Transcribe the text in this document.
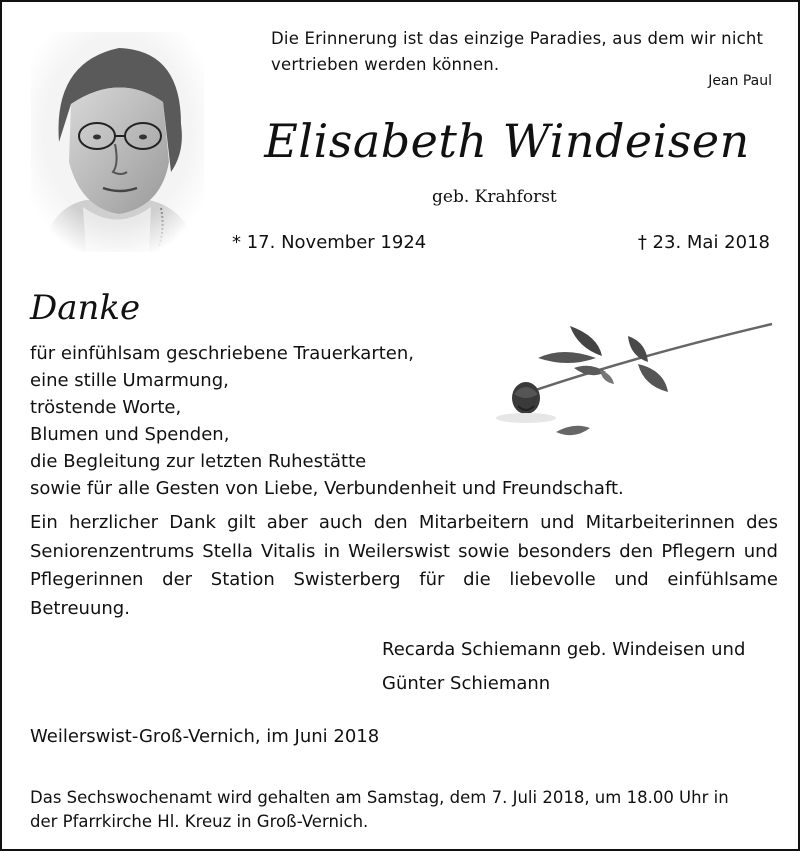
Die Erinnerung ist das einzige Paradies, aus dem wir nicht
vertrieben werden können.
Jean Paul
Elisabeth Windeisen
geb. Krahforst
* 17. November 1924	† 23. Mai 2018
Danke
für einfühlsam geschriebene Trauerkarten,
eine stille Umarmung,
tröstende Worte,
Blumen und Spenden,
die Begleitung zur letzten Ruhestätte
sowie für alle Gesten von Liebe, Verbundenheit und Freundschaft.
Ein herzlicher Dank gilt aber auch den Mitarbeitern und Mitarbeiterinnen des Seniorenzentrums Stella Vitalis in Weilerswist sowie besonders den Pflegern und Pflegerinnen der Station Swisterberg für die liebevolle und einfühlsame Betreuung.
Recarda Schiemann geb. Windeisen und
Günter Schiemann
Weilerswist-Groß-Vernich, im Juni 2018
Das Sechswochenamt wird gehalten am Samstag, dem 7. Juli 2018, um 18.00 Uhr in
der Pfarrkirche Hl. Kreuz in Groß-Vernich.
